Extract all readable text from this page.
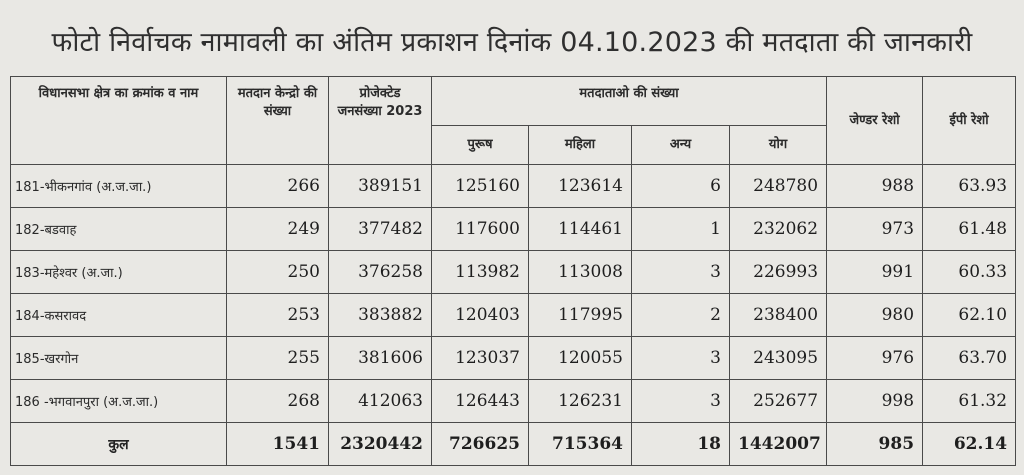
फोटो निर्वाचक नामावली का अंतिम प्रकाशन दिनांक 04.10.2023 की मतदाता की जानकारी
विधानसभा क्षेत्र का क्रमांक व नाम	मतदान केन्द्रो की संख्या	प्रोजेक्टेड जनसंख्या 2023	मतदाताओ की संख्या				जेण्डर रेशो	ईपी रेशो
			पुरूष	महिला	अन्य	योग		
181-भीकनगांव (अ.ज.जा.)	266	389151	125160	123614	6	248780	988	63.93
182-बडवाह	249	377482	117600	114461	1	232062	973	61.48
183-महेश्वर (अ.जा.)	250	376258	113982	113008	3	226993	991	60.33
184-कसरावद	253	383882	120403	117995	2	238400	980	62.10
185-खरगोन	255	381606	123037	120055	3	243095	976	63.70
186 -भगवानपुरा (अ.ज.जा.)	268	412063	126443	126231	3	252677	998	61.32
कुल	1541	2320442	726625	715364	18	1442007	985	62.14
